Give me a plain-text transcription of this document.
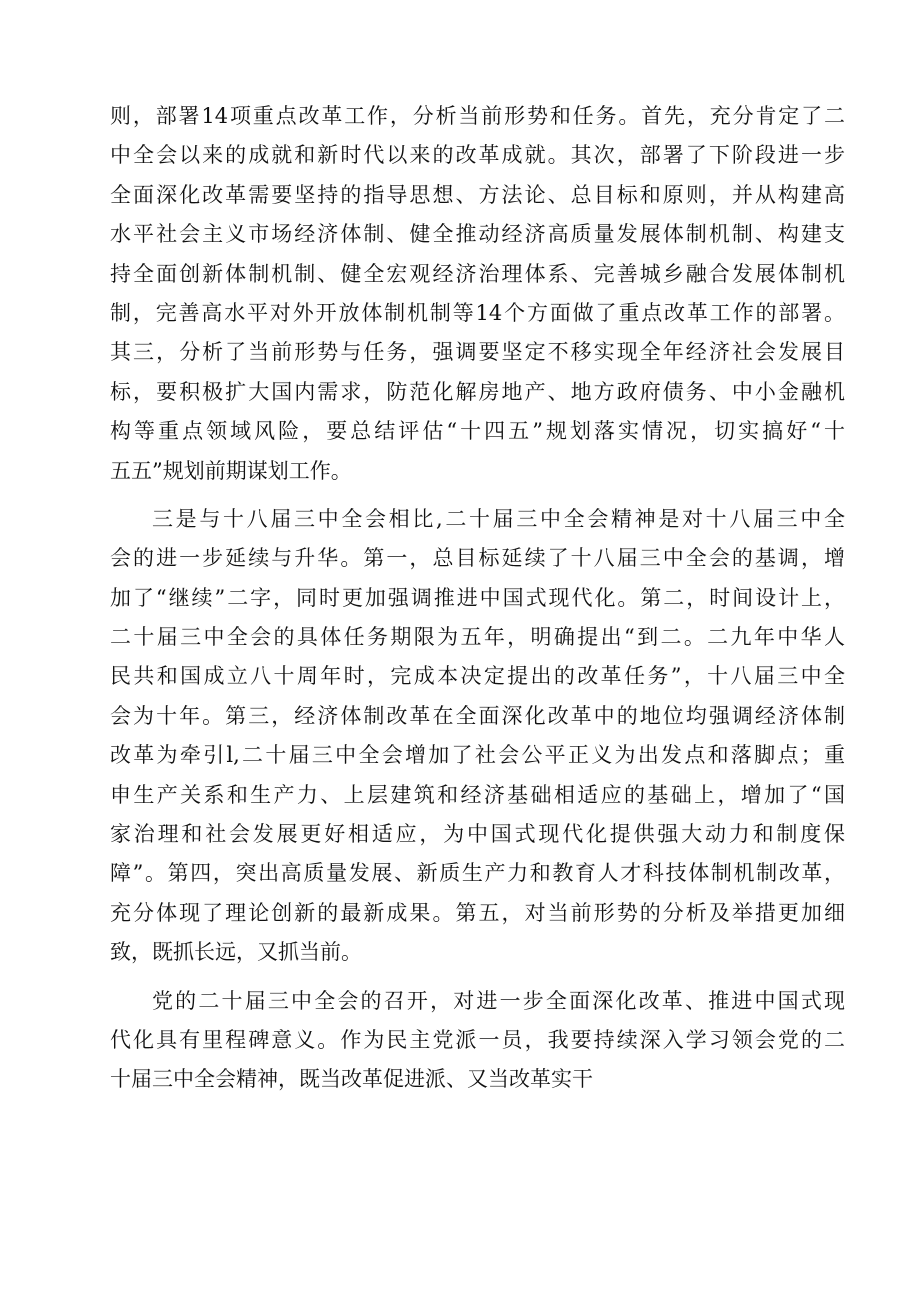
则，部署14项重点改革工作，分析当前形势和任务。首先，充分肯定了二
中全会以来的成就和新时代以来的改革成就。其次，部署了下阶段进一步
全面深化改革需要坚持的指导思想、方法论、总目标和原则，并从构建高
水平社会主义市场经济体制、健全推动经济高质量发展体制机制、构建支
持全面创新体制机制、健全宏观经济治理体系、完善城乡融合发展体制机
制，完善高水平对外开放体制机制等14个方面做了重点改革工作的部署。
其三，分析了当前形势与任务，强调要坚定不移实现全年经济社会发展目
标，要积极扩大国内需求，防范化解房地产、地方政府债务、中小金融机
构等重点领域风险，要总结评估“十四五”规划落实情况，切实搞好“十
五五”规划前期谋划工作。
三是与十八届三中全会相比,二十届三中全会精神是对十八届三中全
会的进一步延续与升华。第一，总目标延续了十八届三中全会的基调，增
加了“继续”二字，同时更加强调推进中国式现代化。第二，时间设计上，
二十届三中全会的具体任务期限为五年，明确提出“到二。二九年中华人
民共和国成立八十周年时，完成本决定提出的改革任务”，十八届三中全
会为十年。第三，经济体制改革在全面深化改革中的地位均强调经济体制
改革为牵引l,二十届三中全会增加了社会公平正义为出发点和落脚点；重
申生产关系和生产力、上层建筑和经济基础相适应的基础上，增加了“国
家治理和社会发展更好相适应，为中国式现代化提供强大动力和制度保
障”。第四，突出高质量发展、新质生产力和教育人才科技体制机制改革，
充分体现了理论创新的最新成果。第五，对当前形势的分析及举措更加细
致，既抓长远，又抓当前。
党的二十届三中全会的召开，对进一步全面深化改革、推进中国式现
代化具有里程碑意义。作为民主党派一员，我要持续深入学习领会党的二
十届三中全会精神，既当改革促进派、又当改革实干
